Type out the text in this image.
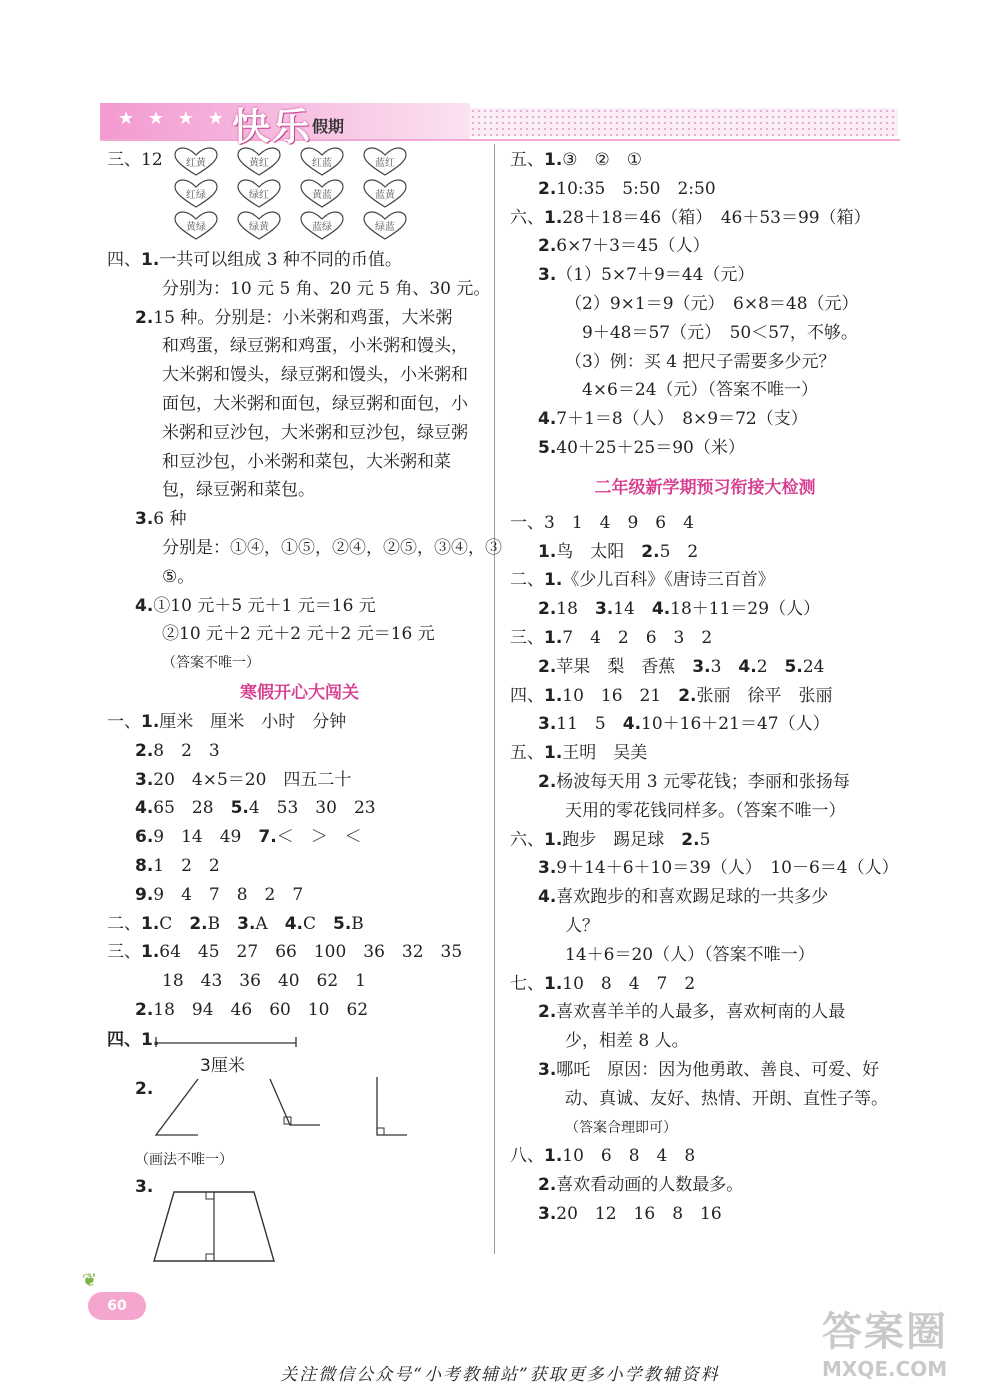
★ ★ ★ ★ 快乐 假期
三、12	红黄	黄红	红蓝	蓝红
红绿	绿红	黄蓝	蓝黄
黄绿	绿黄	蓝绿	绿蓝
四、1.一共可以组成 3 种不同的币值。
分别为：10 元 5 角、20 元 5 角、30 元。
2.15 种。分别是：小米粥和鸡蛋，大米粥
和鸡蛋，绿豆粥和鸡蛋，小米粥和馒头，
大米粥和馒头，绿豆粥和馒头，小米粥和
面包，大米粥和面包，绿豆粥和面包，小
米粥和豆沙包，大米粥和豆沙包，绿豆粥
和豆沙包，小米粥和菜包，大米粥和菜
包，绿豆粥和菜包。
3.6 种
分别是：①④，①⑤，②④，②⑤，③④，③
⑤。
4.①10 元＋5 元＋1 元＝16 元
②10 元＋2 元＋2 元＋2 元＝16 元
（答案不唯一）
寒假开心大闯关
一、1.厘米　厘米　小时　分钟
2.8　2　3
3.20　4×5＝20　四五二十
4.65　28　5.4　53　30　23
6.9　14　49　7.＜　＞　＜
8.1　2　2
9.9　4　7　8　2　7
二、1.C　2.B　3.A　4.C　5.B
三、1.64　45　27　66　100　36　32　35
18　43　36　40　62　1
2.18　94　46　60　10　62
四、1.
3厘米
2.
（画法不唯一）
3.
五、1.③　②　①
2.10:35　5:50　2:50
六、1.28＋18＝46（箱）　46＋53＝99（箱）
2.6×7＋3＝45（人）
3.（1）5×7＋9＝44（元）
（2）9×1＝9（元）　6×8＝48（元）
　9＋48＝57（元）　50＜57，不够。
（3）例：买 4 把尺子需要多少元？
　4×6＝24（元）（答案不唯一）
4.7＋1＝8（人）　8×9＝72（支）
5.40＋25＋25＝90（米）
二年级新学期预习衔接大检测
一、3　1　4　9　6　4
1.鸟　太阳　2.5　2
二、1.《少儿百科》《唐诗三百首》
2.18　3.14　4.18＋11＝29（人）
三、1.7　4　2　6　3　2
2.苹果　梨　香蕉　3.3　4.2　5.24
四、1.10　16　21　2.张丽　徐平　张丽
3.11　5　4.10＋16＋21＝47（人）
五、1.王明　吴美
2.杨波每天用 3 元零花钱；李丽和张扬每
天用的零花钱同样多。（答案不唯一）
六、1.跑步　踢足球　2.5
3.9＋14＋6＋10＝39（人）　10－6＝4（人）
4.喜欢跑步的和喜欢踢足球的一共多少
人？
14＋6＝20（人）（答案不唯一）
七、1.10　8　4　7　2
2.喜欢喜羊羊的人最多，喜欢柯南的人最
少，相差 8 人。
3.哪吒　原因：因为他勇敢、善良、可爱、好
动、真诚、友好、热情、开朗、直性子等。
（答案合理即可）
八、1.10　6　8　4　8
2.喜欢看动画的人数最多。
3.20　12　16　8　16
❦
60
答案圈
MXQE.COM
关注微信公众号“小考教辅站”获取更多小学教辅资料
